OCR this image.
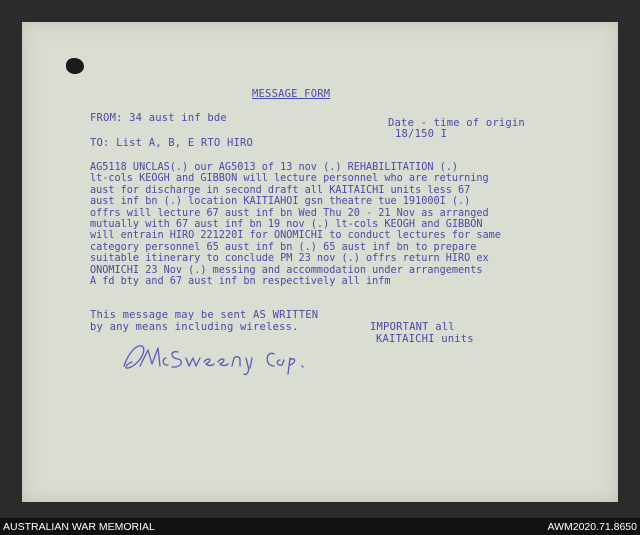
MESSAGE FORM
FROM: 34 aust inf bde
TO: List A, B, E RTO HIRO
Date - time of origin
18/150 I
AG5118 UNCLAS(.) our AG5013 of 13 nov (.) REHABILITATION (.)
lt-cols KEOGH and GIBBON will lecture personnel who are returning
aust for discharge in second draft all KAITAICHI units less 67
aust inf bn (.) location KAITIAHOI gsn theatre tue 191000I (.)
offrs will lecture 67 aust inf bn Wed Thu 20 - 21 Nov as arranged
mutually with 67 aust inf bn 19 nov (.) lt-cols KEOGH and GIBBON
will entrain HIRO 221220I for ONOMICHI to conduct lectures for same
category personnel 65 aust inf bn (.) 65 aust inf bn to prepare
suitable itinerary to conclude PM 23 nov (.) offrs return HIRO ex
ONOMICHI 23 Nov (.) messing and accommodation under arrangements
A fd bty and 67 aust inf bn respectively all infm
This message may be sent AS WRITTEN
by any means including wireless.	IMPORTANT all
KAITAICHI units
AUSTRALIAN WAR MEMORIAL	AWM2020.71.8650
